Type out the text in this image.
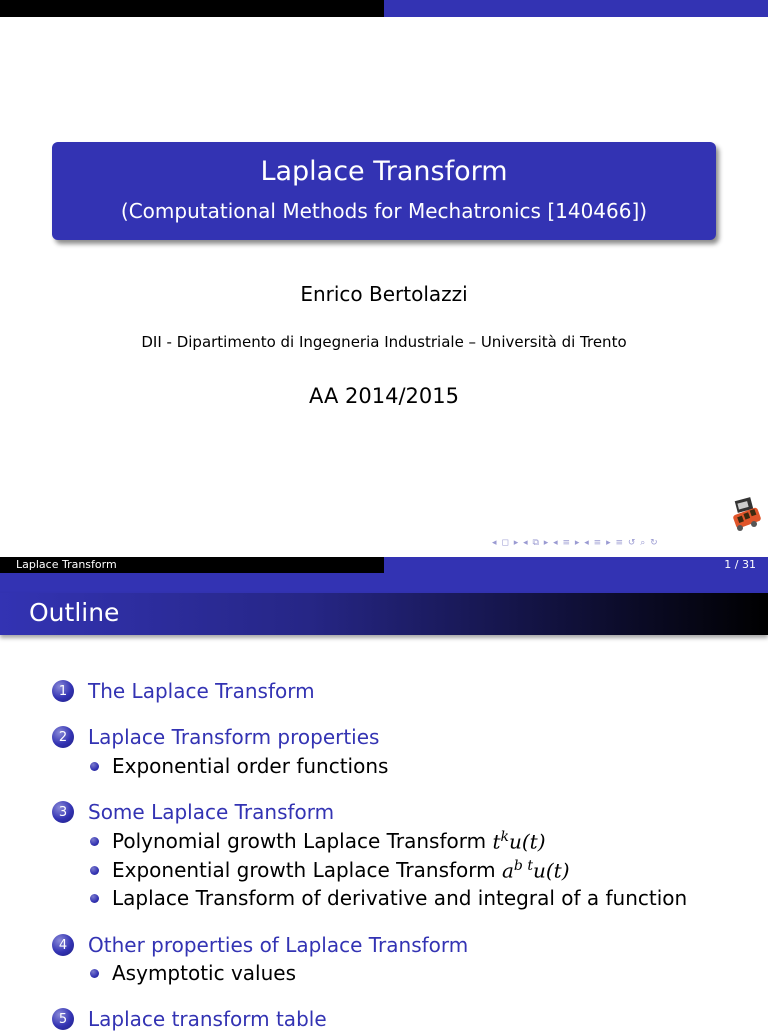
Laplace Transform
(Computational Methods for Mechatronics [140466])
Enrico Bertolazzi
DII - Dipartimento di Ingegneria Industriale – Università di Trento
AA 2014/2015
◂ ◻ ▸ ◂ ⧉ ▸ ◂ ≡ ▸ ◂ ≡ ▸ ≡ ↺ ⌕ ↻
Laplace Transform	1 / 31
Outline
1	The Laplace Transform
2	Laplace Transform properties
Exponential order functions
3	Some Laplace Transform
Polynomial growth Laplace Transform $t^ku(t)$
Exponential growth Laplace Transform $a^{b t}u(t)$
Laplace Transform of derivative and integral of a function
4	Other properties of Laplace Transform
Asymptotic values
5	Laplace transform table
